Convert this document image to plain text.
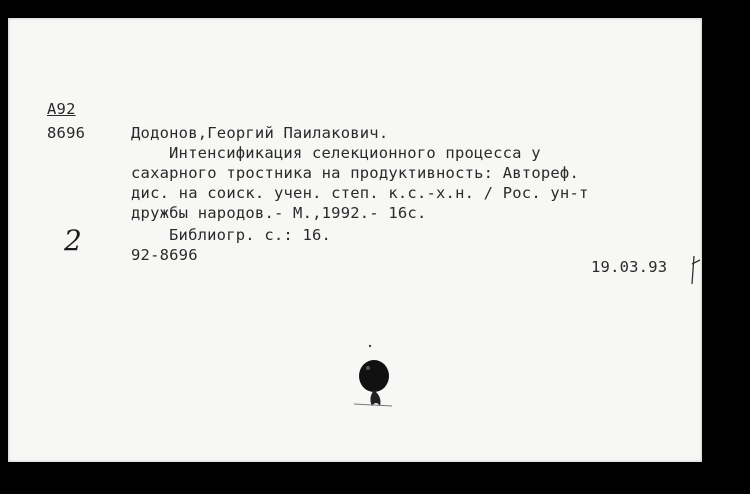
А92
8696	Додонов,Георгий Паилакович.
Интенсификация селекционного процесса у
сахарного тростника на продуктивность: Автореф.
дис. на соиск. учен. степ. к.с.-х.н. / Рос. ун-т
дружбы народов.- М.,1992.- 16с.
Библиогр. с.: 16.
92-8696
2
19.03.93
